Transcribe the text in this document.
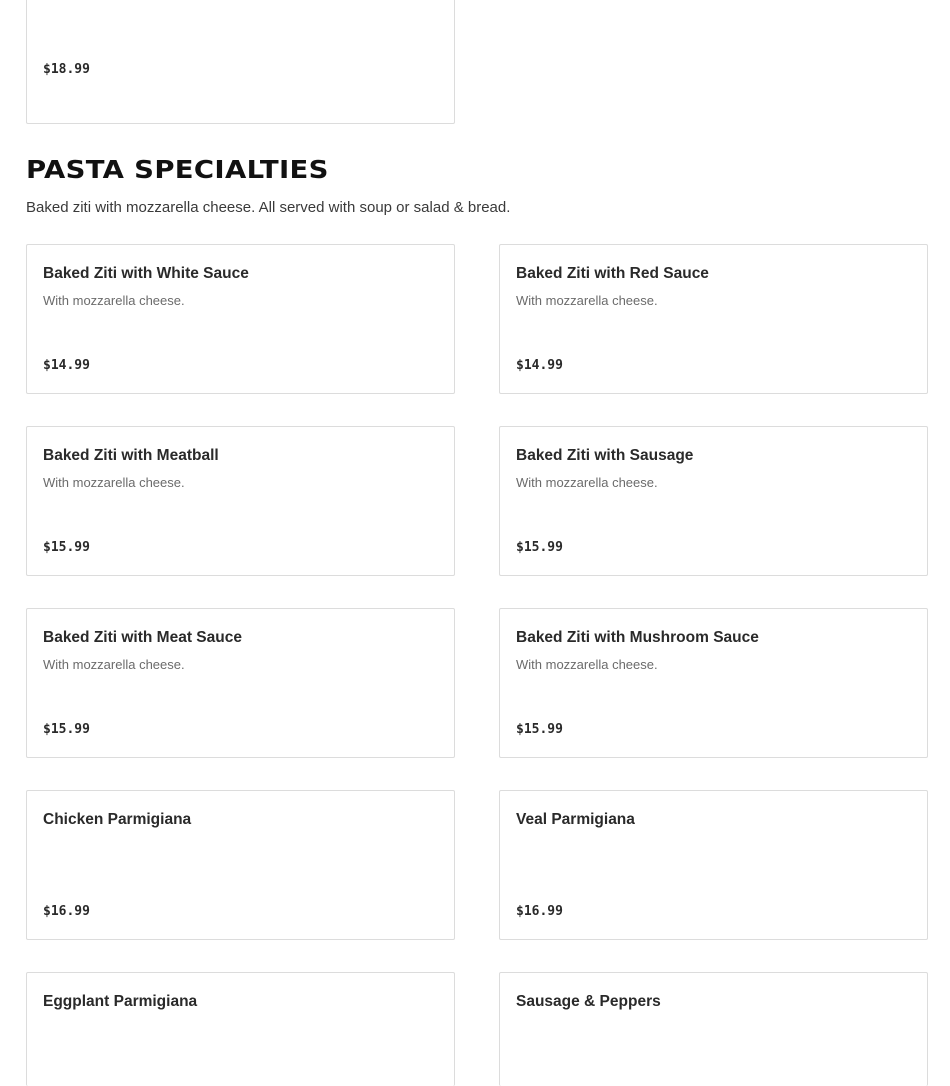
$18.99
PASTA SPECIALTIES
Baked ziti with mozzarella cheese. All served with soup or salad & bread.
Baked Ziti with White Sauce
With mozzarella cheese.
$14.99
Baked Ziti with Red Sauce
With mozzarella cheese.
$14.99
Baked Ziti with Meatball
With mozzarella cheese.
$15.99
Baked Ziti with Sausage
With mozzarella cheese.
$15.99
Baked Ziti with Meat Sauce
With mozzarella cheese.
$15.99
Baked Ziti with Mushroom Sauce
With mozzarella cheese.
$15.99
Chicken Parmigiana
$16.99
Veal Parmigiana
$16.99
Eggplant Parmigiana	Sausage & Peppers
